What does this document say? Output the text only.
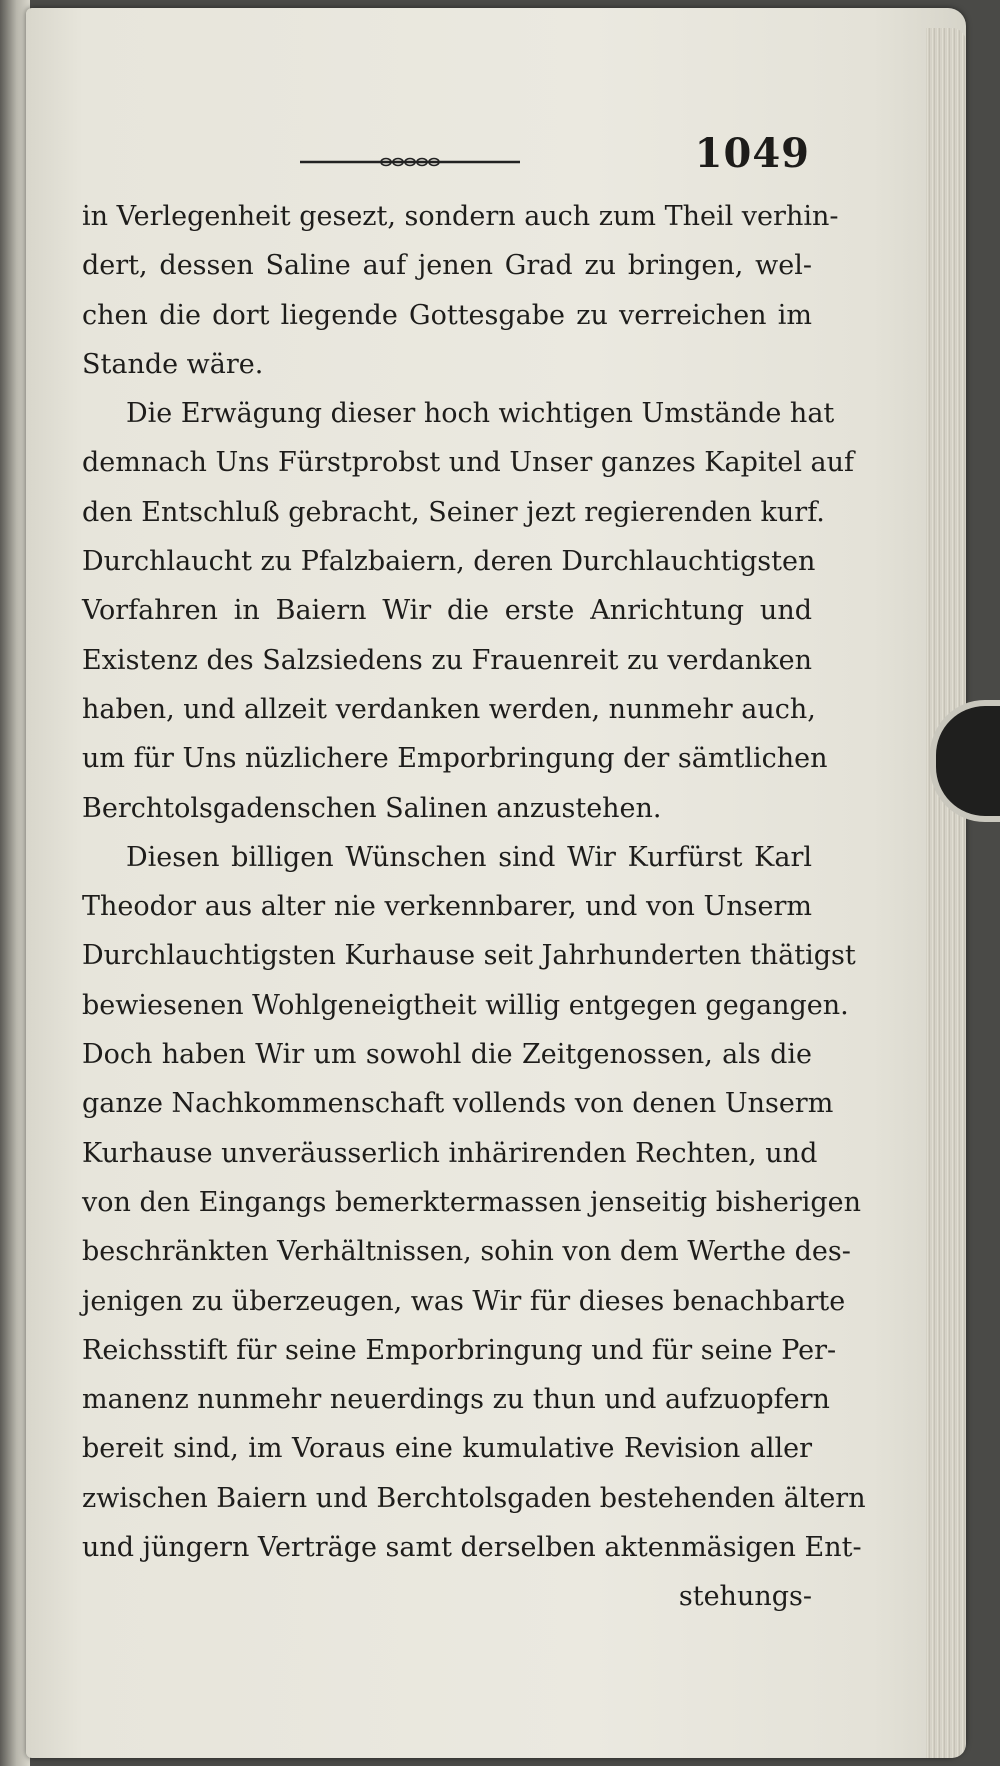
1049
in Verlegenheit gesezt, sondern auch zum Theil verhin-
dert, dessen Saline auf jenen Grad zu bringen, wel-
chen die dort liegende Gottesgabe zu verreichen im
Stande wäre.
Die Erwägung dieser hoch wichtigen Umstände hat
demnach Uns Fürstprobst und Unser ganzes Kapitel auf
den Entschluß gebracht, Seiner jezt regierenden kurf.
Durchlaucht zu Pfalzbaiern, deren Durchlauchtigsten
Vorfahren in Baiern Wir die erste Anrichtung und
Existenz des Salzsiedens zu Frauenreit zu verdanken
haben, und allzeit verdanken werden, nunmehr auch,
um für Uns nüzlichere Emporbringung der sämtlichen
Berchtolsgadenschen Salinen anzustehen.
Diesen billigen Wünschen sind Wir Kurfürst Karl
Theodor aus alter nie verkennbarer, und von Unserm
Durchlauchtigsten Kurhause seit Jahrhunderten thätigst
bewiesenen Wohlgeneigtheit willig entgegen gegangen.
Doch haben Wir um sowohl die Zeitgenossen, als die
ganze Nachkommenschaft vollends von denen Unserm
Kurhause unveräusserlich inhärirenden Rechten, und
von den Eingangs bemerktermassen jenseitig bisherigen
beschränkten Verhältnissen, sohin von dem Werthe des-
jenigen zu überzeugen, was Wir für dieses benachbarte
Reichsstift für seine Emporbringung und für seine Per-
manenz nunmehr neuerdings zu thun und aufzuopfern
bereit sind, im Voraus eine kumulative Revision aller
zwischen Baiern und Berchtolsgaden bestehenden ältern
und jüngern Verträge samt derselben aktenmäsigen Ent-
stehungs-
